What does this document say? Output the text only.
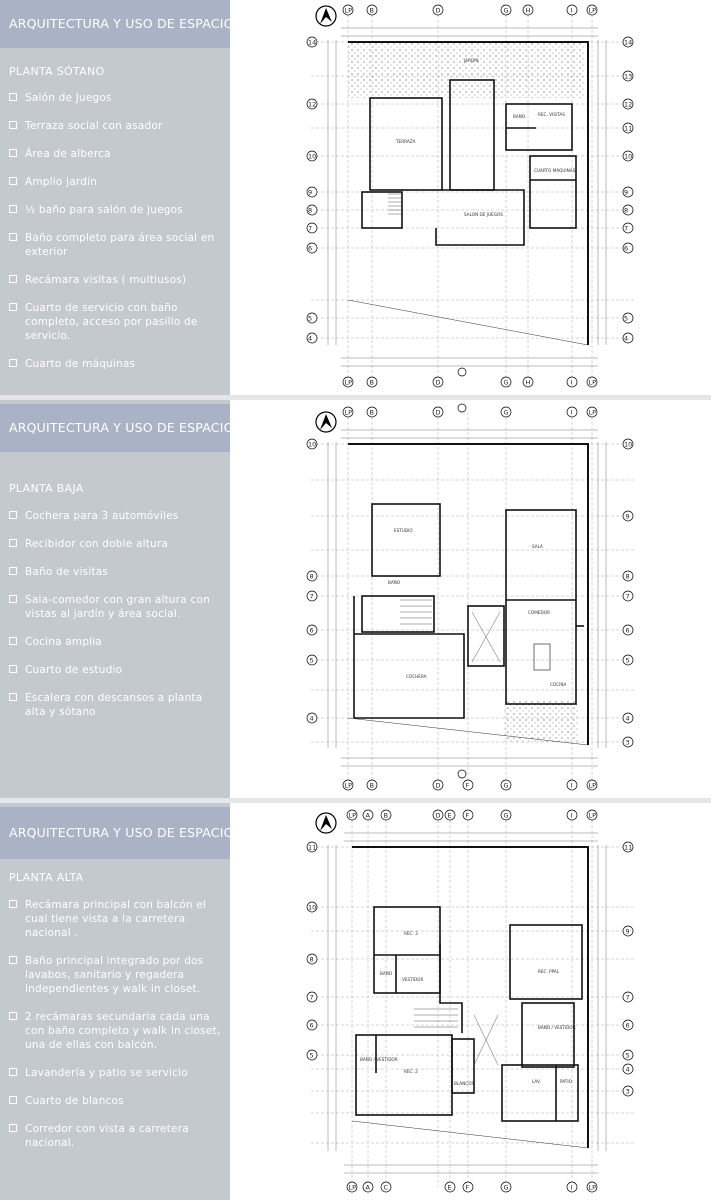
ARQUITECTURA Y USO DE ESPACIOS
PLANTA SÓTANO
Salón de Juegos
Terraza social con asador
Área de alberca
Amplio jardín
½ baño para salón de juegos
Baño completo para área social en exterior
Recámara visitas ( multiusos)
Cuarto de servicio con baño completo, acceso por pasillo de servicio.
Cuarto de máquinas
JARDIN
TERRAZA
BAÑO	REC. VISITAS
CUARTO MAQUINAS
SALON DE JUEGOS
LP	B	D	G	H	I LP
LP	B	D	G	H	I LP
14	14
13
12	12
11
10	10
9	9
8	8
7	7
6	6
5	5
4	4
ARQUITECTURA Y USO DE ESPACIOS
PLANTA BAJA
Cochera para 3 automóviles
Recibidor con doble altura
Baño de visitas
Sala-comedor con gran altura con vistas al jardín y área social.
Cocina amplia
Cuarto de estudio
Escalera con descansos a planta alta y sótano
ESTUDIO
BAÑO
SALA
COMEDOR
COCINA
COCHERA
LP	B	D	G	I LP
LP	B	D	F	G	I LP
10	10
9
8	8
7	7
6	6
5	5
4	4
3
ARQUITECTURA Y USO DE ESPACIOS
PLANTA ALTA
Recámara principal con balcón el cual tiene vista a la carretera nacional .
Baño principal integrado por dos lavabos, sanitario y regadera independientes y walk in closet.
2 recámaras secundaria cada una con baño completo y walk in closet, una de ellas con balcón.
Lavandería y patio se servicio
Cuarto de blancos
Corredor con vista a carretera nacional.
REC. 3
BAÑO
VESTIDOR
REC. PPAL
BAÑO / VESTIDOR
BAÑO / VESTIDOR
REC. 2
BLANCOS	LAV.	PATIO
LP A B	D E F	G	I LP
LP A C	E F	G	I LP
11	11
10
9
8
7	7
6	6
5	5
4
3
